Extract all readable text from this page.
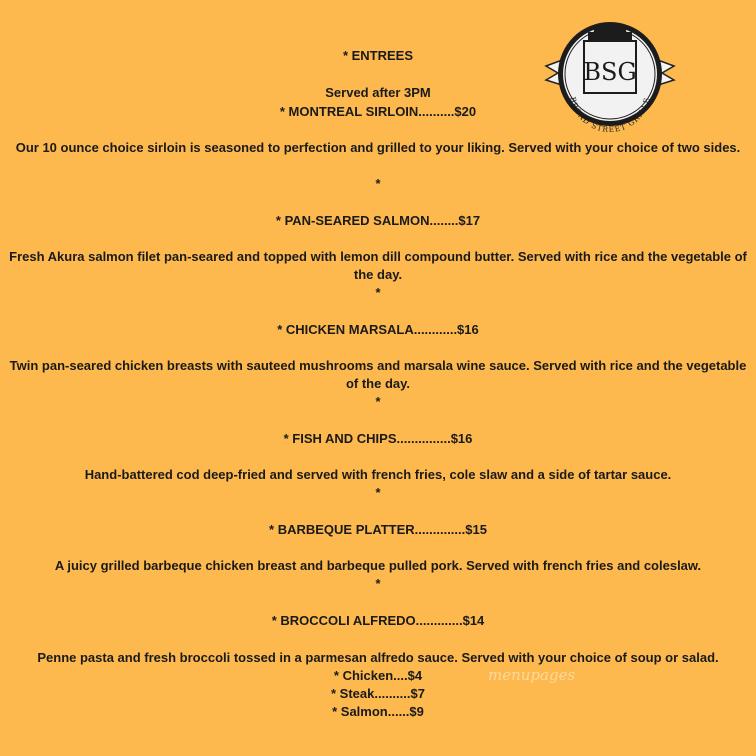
BROAD STREET GRILLE
BSG
* ENTREES
Served after 3PM
* MONTREAL SIRLOIN..........$20
Our 10 ounce choice sirloin is seasoned to perfection and grilled to your liking. Served with your choice of two sides.
*
* PAN-SEARED SALMON........$17
Fresh Akura salmon filet pan-seared and topped with lemon dill compound butter. Served with rice and the vegetable of the day.
*
* CHICKEN MARSALA............$16
Twin pan-seared chicken breasts with sauteed mushrooms and marsala wine sauce. Served with rice and the vegetable of the day.
*
* FISH AND CHIPS...............$16
Hand-battered cod deep-fried and served with french fries, cole slaw and a side of tartar sauce.
*
* BARBEQUE PLATTER..............$15
A juicy grilled barbeque chicken breast and barbeque pulled pork. Served with french fries and coleslaw.
*
* BROCCOLI ALFREDO.............$14
Penne pasta and fresh broccoli tossed in a parmesan alfredo sauce. Served with your choice of soup or salad.
* Chicken....$4
* Steak..........$7
* Salmon......$9
menupages
